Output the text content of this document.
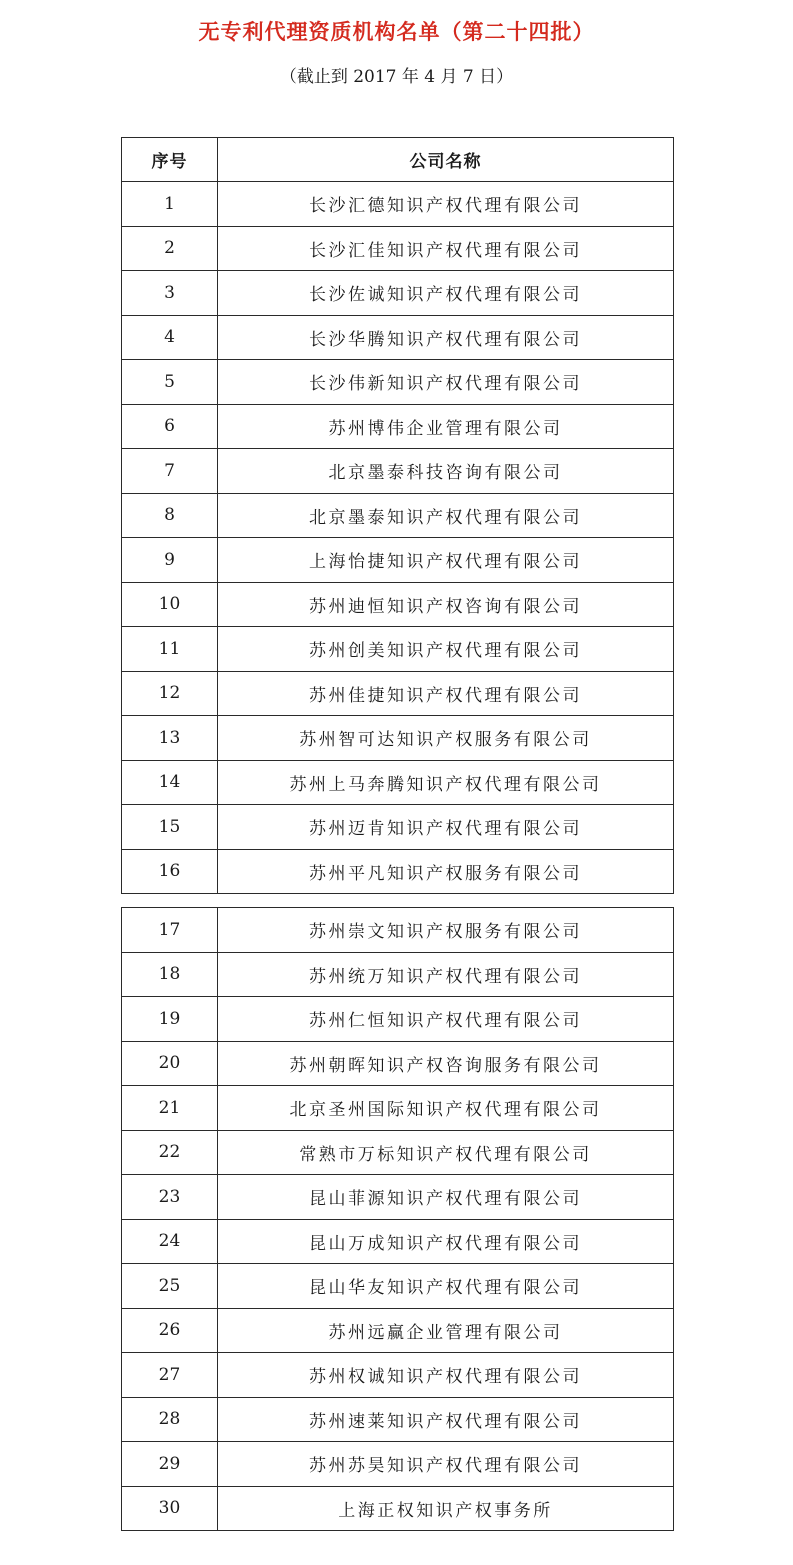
无专利代理资质机构名单（第二十四批）
（截止到 2017 年 4 月 7 日）
序号	公司名称
1	长沙汇德知识产权代理有限公司
2	长沙汇佳知识产权代理有限公司
3	长沙佐诚知识产权代理有限公司
4	长沙华腾知识产权代理有限公司
5	长沙伟新知识产权代理有限公司
6	苏州博伟企业管理有限公司
7	北京墨泰科技咨询有限公司
8	北京墨泰知识产权代理有限公司
9	上海怡捷知识产权代理有限公司
10	苏州迪恒知识产权咨询有限公司
11	苏州创美知识产权代理有限公司
12	苏州佳捷知识产权代理有限公司
13	苏州智可达知识产权服务有限公司
14	苏州上马奔腾知识产权代理有限公司
15	苏州迈肯知识产权代理有限公司
16	苏州平凡知识产权服务有限公司
17	苏州崇文知识产权服务有限公司
18	苏州统万知识产权代理有限公司
19	苏州仁恒知识产权代理有限公司
20	苏州朝晖知识产权咨询服务有限公司
21	北京圣州国际知识产权代理有限公司
22	常熟市万标知识产权代理有限公司
23	昆山菲源知识产权代理有限公司
24	昆山万成知识产权代理有限公司
25	昆山华友知识产权代理有限公司
26	苏州远赢企业管理有限公司
27	苏州权诚知识产权代理有限公司
28	苏州速莱知识产权代理有限公司
29	苏州苏昊知识产权代理有限公司
30	上海正权知识产权事务所
